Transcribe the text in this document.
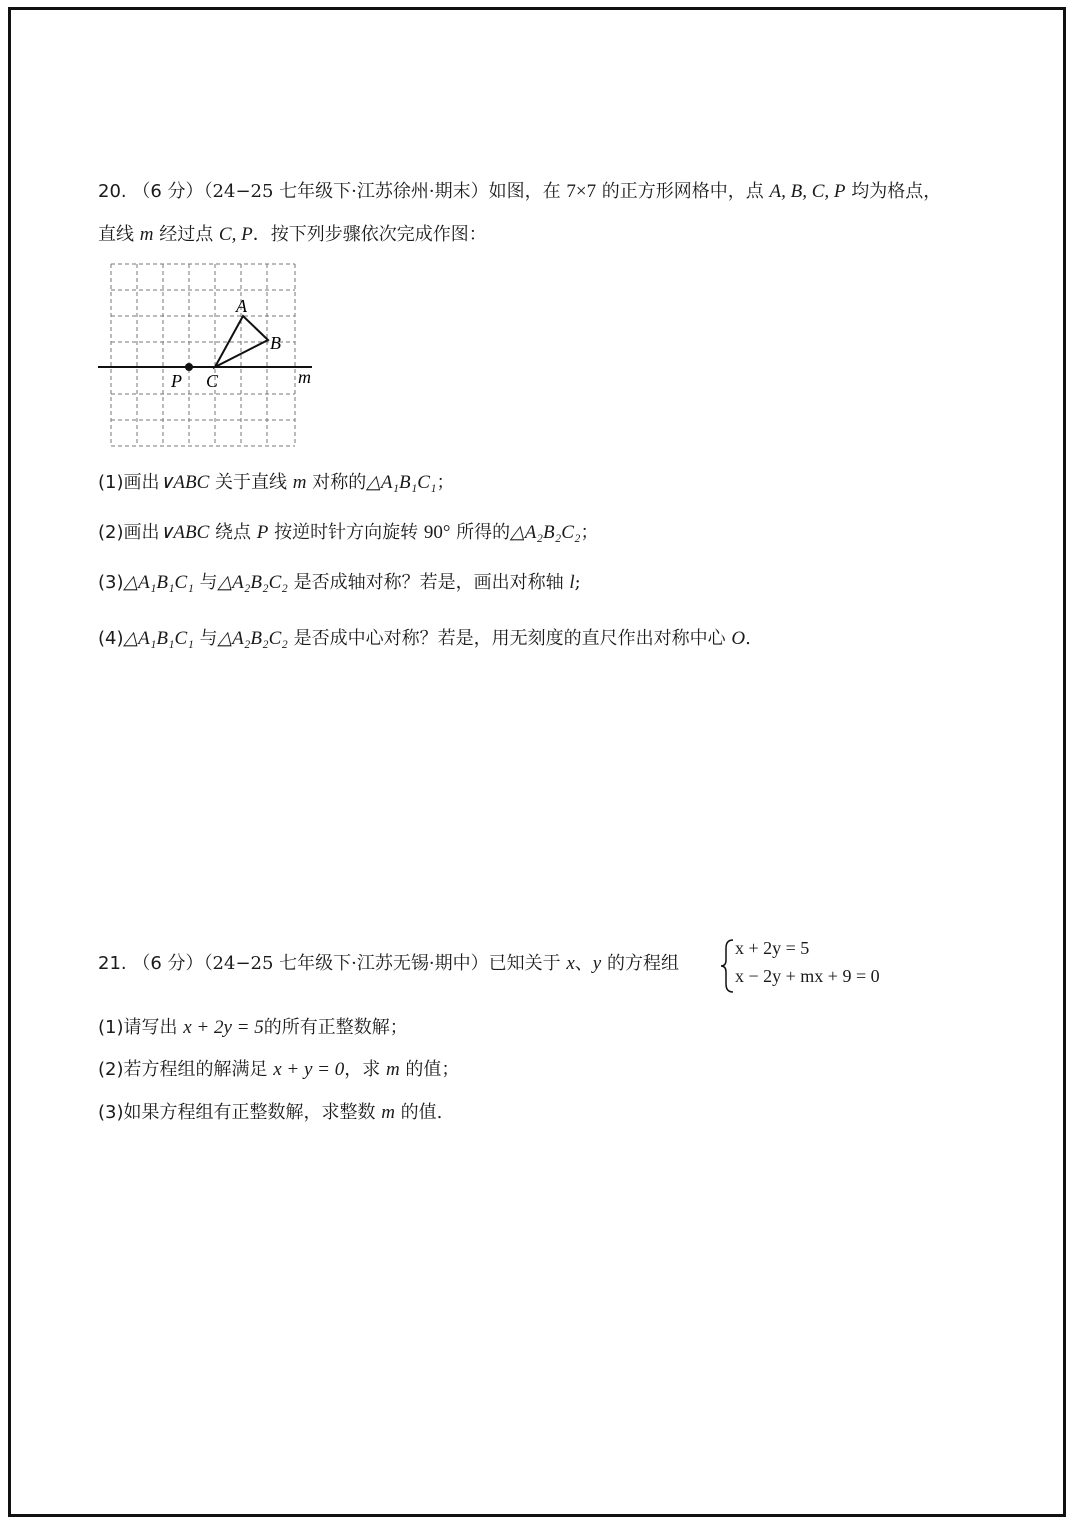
20. （6 分）（24−25 七年级下·江苏徐州·期末）如图，在 7×7 的正方形网格中，点 A, B, C, P 均为格点，
直线 m 经过点 C, P．按下列步骤依次完成作图：
A
B
C
P	m
(1)画出∨ABC 关于直线 m 对称的△A₁B₁C₁；
(2)画出∨ABC 绕点 P 按逆时针方向旋转 90° 所得的△A₂B₂C₂；
(3)△A₁B₁C₁ 与△A₂B₂C₂ 是否成轴对称？若是，画出对称轴 l;
(4)△A₁B₁C₁ 与△A₂B₂C₂ 是否成中心对称？若是，用无刻度的直尺作出对称中心 O.
21. （6 分）（24−25 七年级下·江苏无锡·期中）已知关于 x、y 的方程组
x + 2y = 5
x − 2y + mx + 9 = 0
(1)请写出 x + 2y = 5的所有正整数解；
(2)若方程组的解满足 x + y = 0，求 m 的值；
(3)如果方程组有正整数解，求整数 m 的值.
